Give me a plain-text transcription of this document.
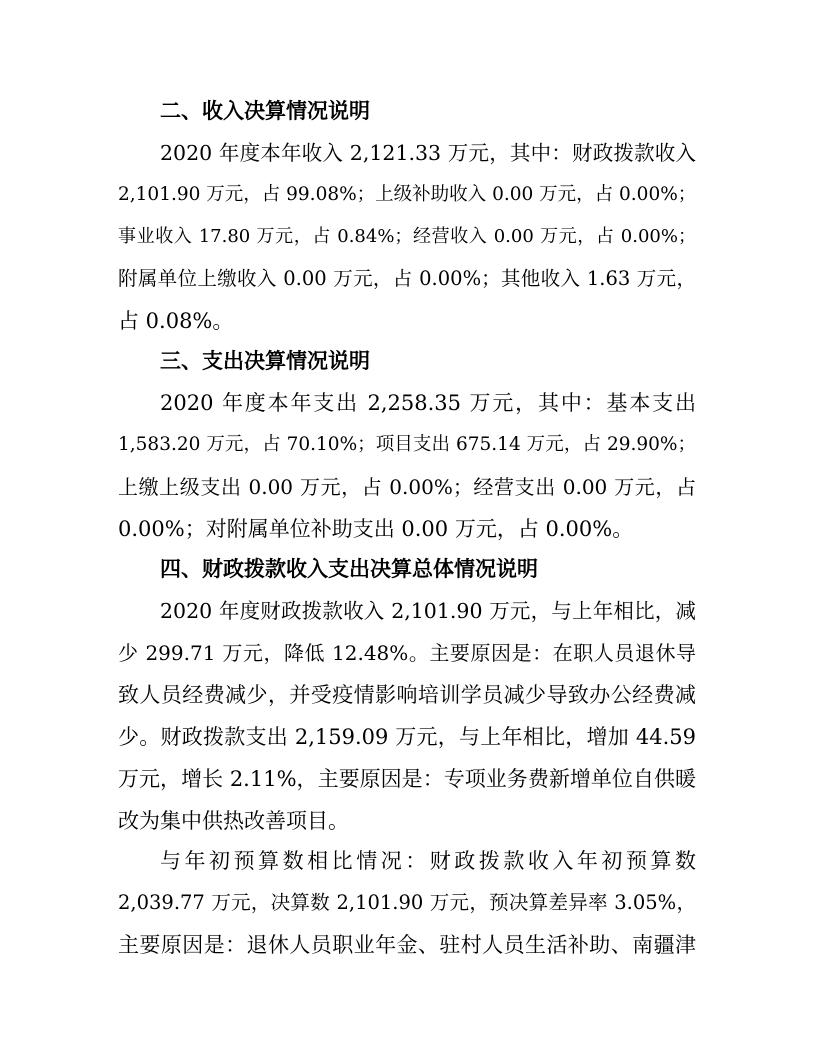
二、收入决算情况说明
2020 年度本年收入 2,121.33 万元，其中：财政拨款收入
2,101.90 万元，占 99.08%；上级补助收入 0.00 万元，占 0.00%；
事业收入 17.80 万元，占 0.84%；经营收入 0.00 万元，占 0.00%；
附属单位上缴收入 0.00 万元，占 0.00%；其他收入 1.63 万元，
占 0.08%。
三、支出决算情况说明
2020 年度本年支出 2,258.35 万元，其中：基本支出
1,583.20 万元，占 70.10%；项目支出 675.14 万元，占 29.90%；
上缴上级支出 0.00 万元，占 0.00%；经营支出 0.00 万元，占
0.00%；对附属单位补助支出 0.00 万元，占 0.00%。
四、财政拨款收入支出决算总体情况说明
2020 年度财政拨款收入 2,101.90 万元，与上年相比，减
少 299.71 万元，降低 12.48%。主要原因是：在职人员退休导
致人员经费减少，并受疫情影响培训学员减少导致办公经费减
少。财政拨款支出 2,159.09 万元，与上年相比，增加 44.59
万元，增长 2.11%，主要原因是：专项业务费新增单位自供暖
改为集中供热改善项目。
与年初预算数相比情况：财政拨款收入年初预算数
2,039.77 万元，决算数 2,101.90 万元，预决算差异率 3.05%，
主要原因是：退休人员职业年金、驻村人员生活补助、南疆津
